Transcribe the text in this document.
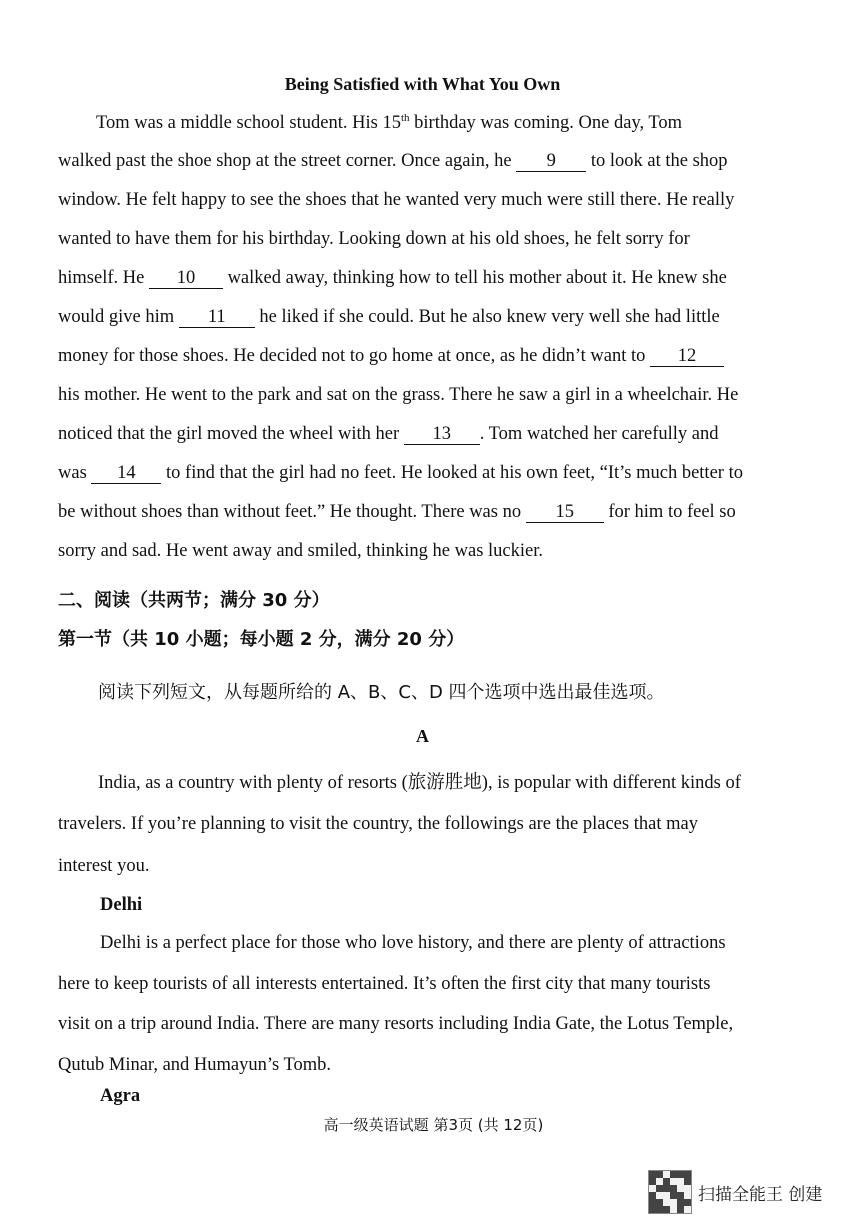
Being Satisfied with What You Own
Tom was a middle school student. His 15th birthday was coming. One day, Tom
walked past the shoe shop at the street corner. Once again, he 9 to look at the shop
window. He felt happy to see the shoes that he wanted very much were still there. He really
wanted to have them for his birthday. Looking down at his old shoes, he felt sorry for
himself. He 10 walked away, thinking how to tell his mother about it. He knew she
would give him 11 he liked if she could. But he also knew very well she had little
money for those shoes. He decided not to go home at once, as he didn’t want to 12
his mother. He went to the park and sat on the grass. There he saw a girl in a wheelchair. He
noticed that the girl moved the wheel with her 13 . Tom watched her carefully and
was 14 to find that the girl had no feet. He looked at his own feet, “It’s much better to
be without shoes than without feet.” He thought. There was no 15 for him to feel so
sorry and sad. He went away and smiled, thinking he was luckier.
二、阅读（共两节；满分 30 分）
第一节（共 10 小题；每小题 2 分，满分 20 分）
阅读下列短文，从每题所给的 A、B、C、D 四个选项中选出最佳选项。
A
India, as a country with plenty of resorts (旅游胜地), is popular with different kinds of
travelers. If you’re planning to visit the country, the followings are the places that may
interest you.
Delhi
Delhi is a perfect place for those who love history, and there are plenty of attractions
here to keep tourists of all interests entertained. It’s often the first city that many tourists
visit on a trip around India. There are many resorts including India Gate, the Lotus Temple,
Qutub Minar, and Humayun’s Tomb.
Agra
高一级英语试题 第3页 (共 12页)
扫描全能王 创建
